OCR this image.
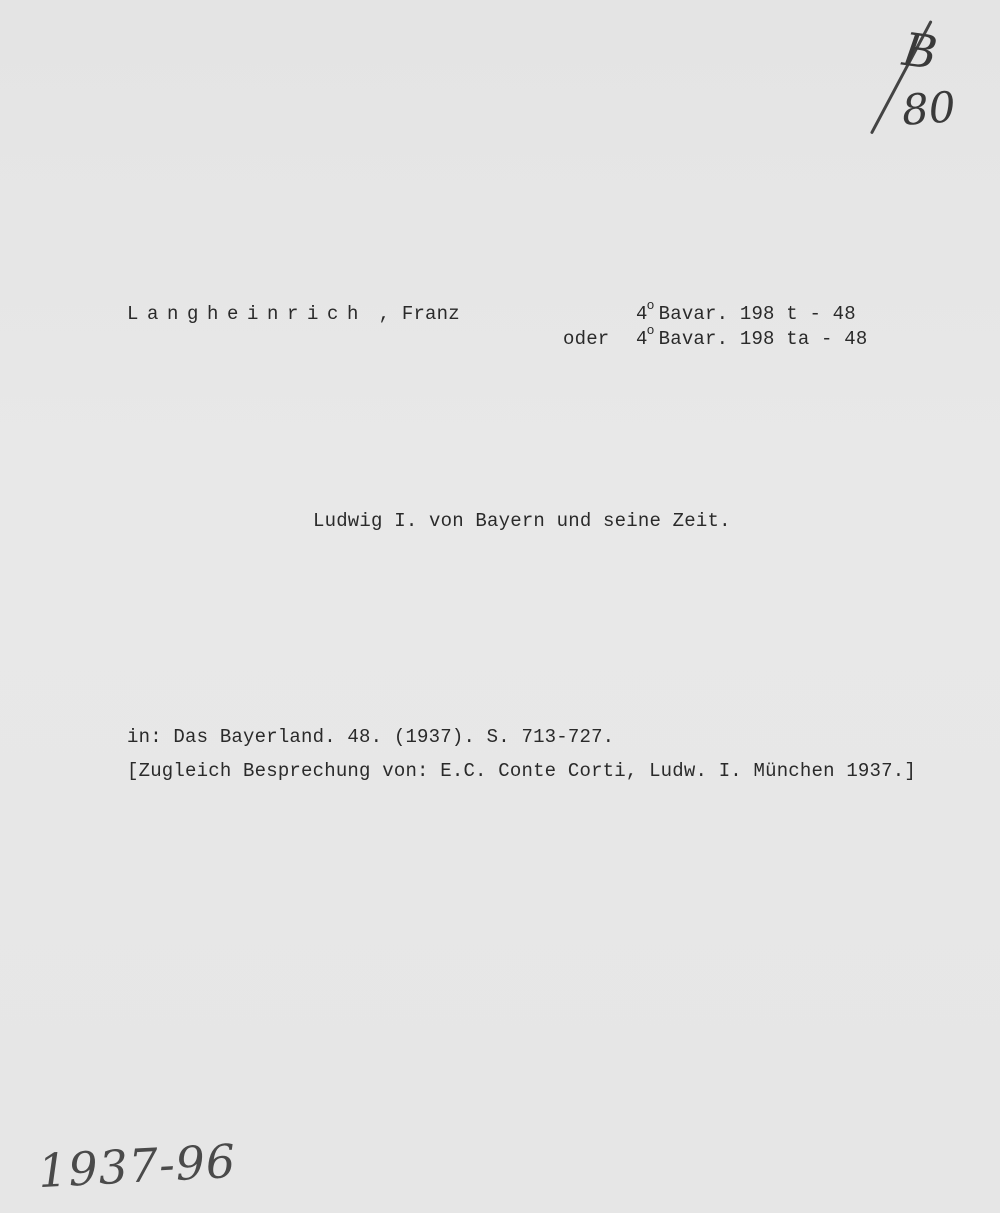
Langheinrich , Franz	4$^o$ Bavar. 198 t - 48
oder 4$^o$ Bavar. 198 ta - 48
Ludwig I. von Bayern und seine Zeit.
in: Das Bayerland. 48. (1937). S. 713-727.
[Zugleich Besprechung von: E.C. Conte Corti, Ludw. I. München 1937.]
B
80
1937-96
